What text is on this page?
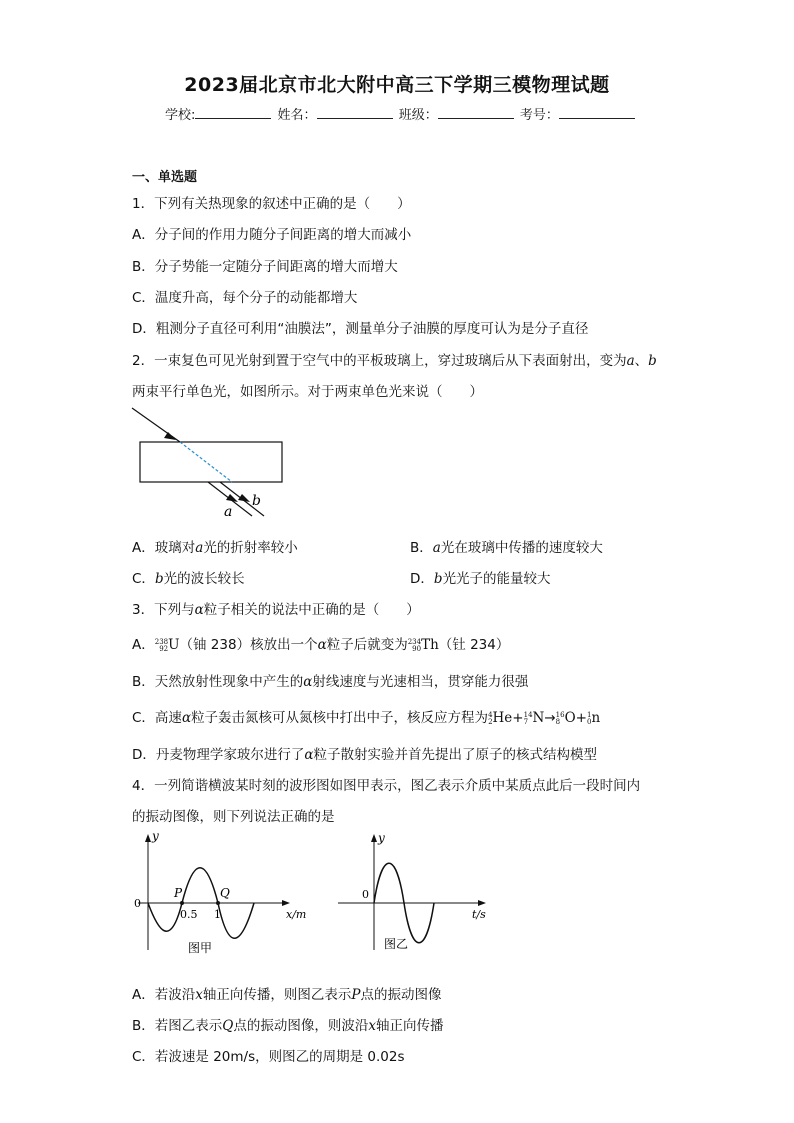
2023届北京市北大附中高三下学期三模物理试题
学校:	姓名：	班级：	考号：
一、单选题
1．下列有关热现象的叙述中正确的是（　　）
A．分子间的作用力随分子间距离的增大而减小
B．分子势能一定随分子间距离的增大而增大
C．温度升高，每个分子的动能都增大
D．粗测分子直径可利用“油膜法”，测量单分子油膜的厚度可认为是分子直径
2．一束复色可见光射到置于空气中的平板玻璃上，穿过玻璃后从下表面射出，变为a、b
两束平行单色光，如图所示。对于两束单色光来说（　　）
a
b
A．玻璃对a光的折射率较小	B．a光在玻璃中传播的速度较大
C．b光的波长较长	D．b光光子的能量较大
3．下列与α粒子相关的说法中正确的是（　　）
A．238
92U（铀 238）核放出一个α粒子后就变为234
90Th（钍 234）
B．天然放射性现象中产生的α射线速度与光速相当，贯穿能力很强
C．高速α粒子轰击氮核可从氮核中打出中子，核反应方程为4
2He+14
7 N→16
8 O+1
0n
D．丹麦物理学家玻尔进行了α粒子散射实验并首先提出了原子的核式结构模型
4．一列简谐横波某时刻的波形图如图甲表示，图乙表示介质中某质点此后一段时间内
的振动图像，则下列说法正确的是
y
0
P	Q
0.5 1	x/m
图甲
y
0
t/s
图乙
A．若波沿x轴正向传播，则图乙表示P点的振动图像
B．若图乙表示Q点的振动图像，则波沿x轴正向传播
C．若波速是 20m/s，则图乙的周期是 0.02s
